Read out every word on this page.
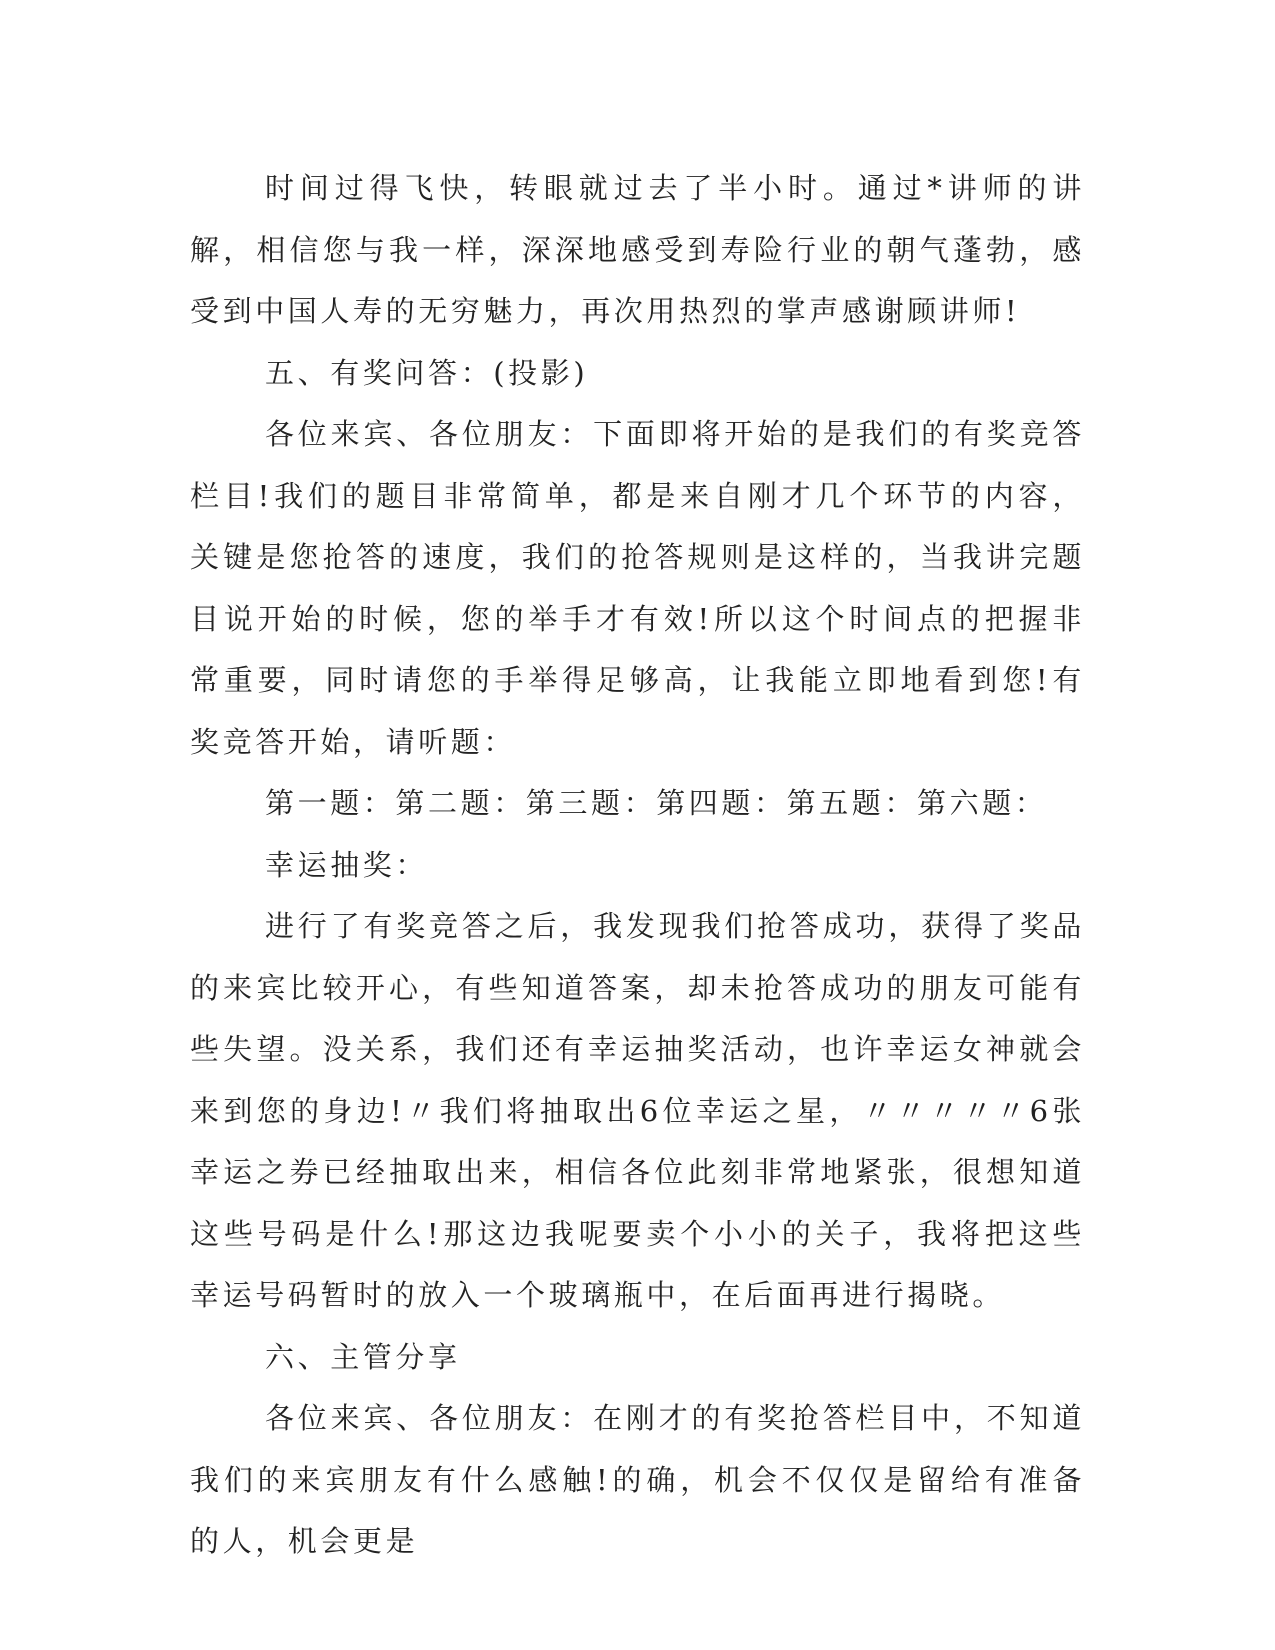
时间过得飞快，转眼就过去了半小时。通过*讲师的讲解，相信您与我一样，深深地感受到寿险行业的朝气蓬勃，感受到中国人寿的无穷魅力，再次用热烈的掌声感谢顾讲师!

五、有奖问答：(投影)

各位来宾、各位朋友：下面即将开始的是我们的有奖竞答栏目!我们的题目非常简单，都是来自刚才几个环节的内容，关键是您抢答的速度，我们的抢答规则是这样的，当我讲完题目说开始的时候，您的举手才有效!所以这个时间点的把握非常重要，同时请您的手举得足够高，让我能立即地看到您!有奖竞答开始，请听题：

第一题：第二题：第三题：第四题：第五题：第六题：

幸运抽奖：

进行了有奖竞答之后，我发现我们抢答成功，获得了奖品的来宾比较开心，有些知道答案，却未抢答成功的朋友可能有些失望。没关系，我们还有幸运抽奖活动，也许幸运女神就会来到您的身边!〃我们将抽取出6位幸运之星，〃〃〃〃〃6张幸运之券已经抽取出来，相信各位此刻非常地紧张，很想知道这些号码是什么!那这边我呢要卖个小小的关子，我将把这些幸运号码暂时的放入一个玻璃瓶中，在后面再进行揭晓。

六、主管分享

各位来宾、各位朋友：在刚才的有奖抢答栏目中，不知道我们的来宾朋友有什么感触!的确，机会不仅仅是留给有准备的人，机会更是
